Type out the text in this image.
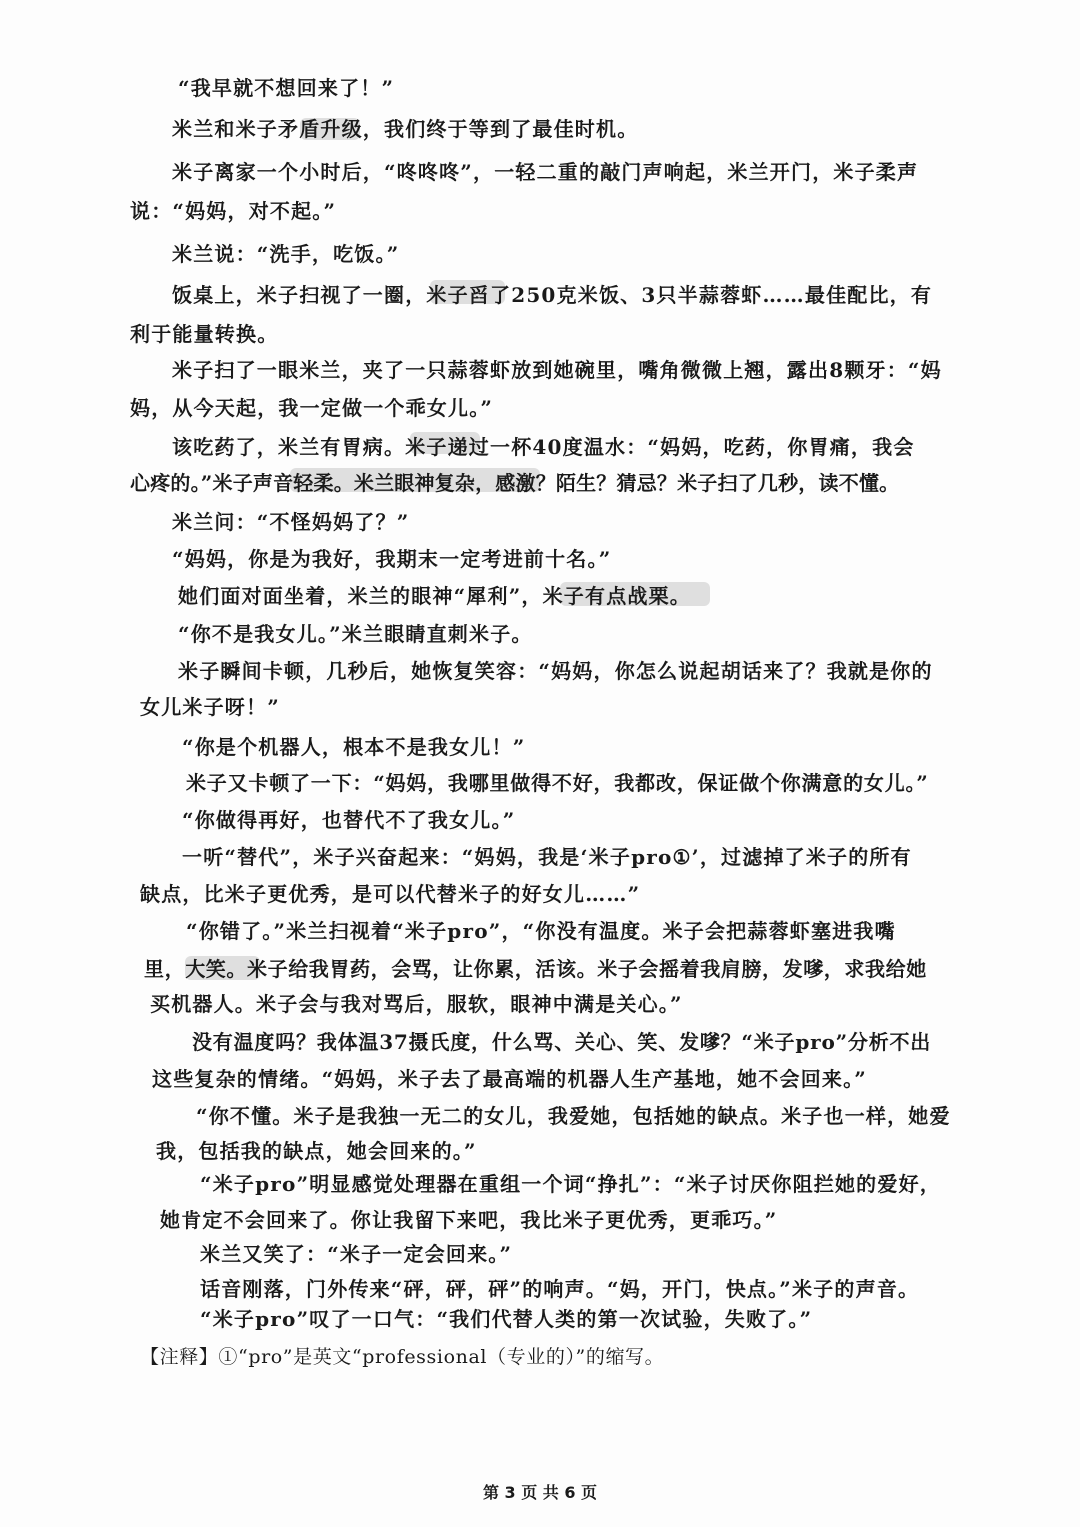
“我早就不想回来了！”
米兰和米子矛盾升级，我们终于等到了最佳时机。
米子离家一个小时后，“咚咚咚”，一轻二重的敲门声响起，米兰开门，米子柔声
说：“妈妈，对不起。”
米兰说：“洗手，吃饭。”
饭桌上，米子扫视了一圈，米子舀了250克米饭、3只半蒜蓉虾……最佳配比，有
利于能量转换。
米子扫了一眼米兰，夹了一只蒜蓉虾放到她碗里，嘴角微微上翘，露出8颗牙：“妈
妈，从今天起，我一定做一个乖女儿。”
该吃药了，米兰有胃病。米子递过一杯40度温水：“妈妈，吃药，你胃痛，我会
心疼的。”米子声音轻柔。米兰眼神复杂，感激？陌生？猜忌？米子扫了几秒，读不懂。
米兰问：“不怪妈妈了？”
“妈妈，你是为我好，我期末一定考进前十名。”
她们面对面坐着，米兰的眼神“犀利”，米子有点战栗。
“你不是我女儿。”米兰眼睛直刺米子。
米子瞬间卡顿，几秒后，她恢复笑容：“妈妈，你怎么说起胡话来了？我就是你的
女儿米子呀！”
“你是个机器人，根本不是我女儿！”
米子又卡顿了一下：“妈妈，我哪里做得不好，我都改，保证做个你满意的女儿。”
“你做得再好，也替代不了我女儿。”
一听“替代”，米子兴奋起来：“妈妈，我是‘米子pro①’，过滤掉了米子的所有
缺点，比米子更优秀，是可以代替米子的好女儿……”
“你错了。”米兰扫视着“米子pro”，“你没有温度。米子会把蒜蓉虾塞进我嘴
里，大笑。米子给我胃药，会骂，让你累，活该。米子会摇着我肩膀，发嗲，求我给她
买机器人。米子会与我对骂后，服软，眼神中满是关心。”
没有温度吗？我体温37摄氏度，什么骂、关心、笑、发嗲？“米子pro”分析不出
这些复杂的情绪。“妈妈，米子去了最高端的机器人生产基地，她不会回来。”
“你不懂。米子是我独一无二的女儿，我爱她，包括她的缺点。米子也一样，她爱
我，包括我的缺点，她会回来的。”
“米子pro”明显感觉处理器在重组一个词“挣扎”：“米子讨厌你阻拦她的爱好，
她肯定不会回来了。你让我留下来吧，我比米子更优秀，更乖巧。”
米兰又笑了：“米子一定会回来。”
话音刚落，门外传来“砰，砰，砰”的响声。“妈，开门，快点。”米子的声音。
“米子pro”叹了一口气：“我们代替人类的第一次试验，失败了。”
【注释】①“pro”是英文“professional（专业的）”的缩写。
第 3 页 共 6 页
